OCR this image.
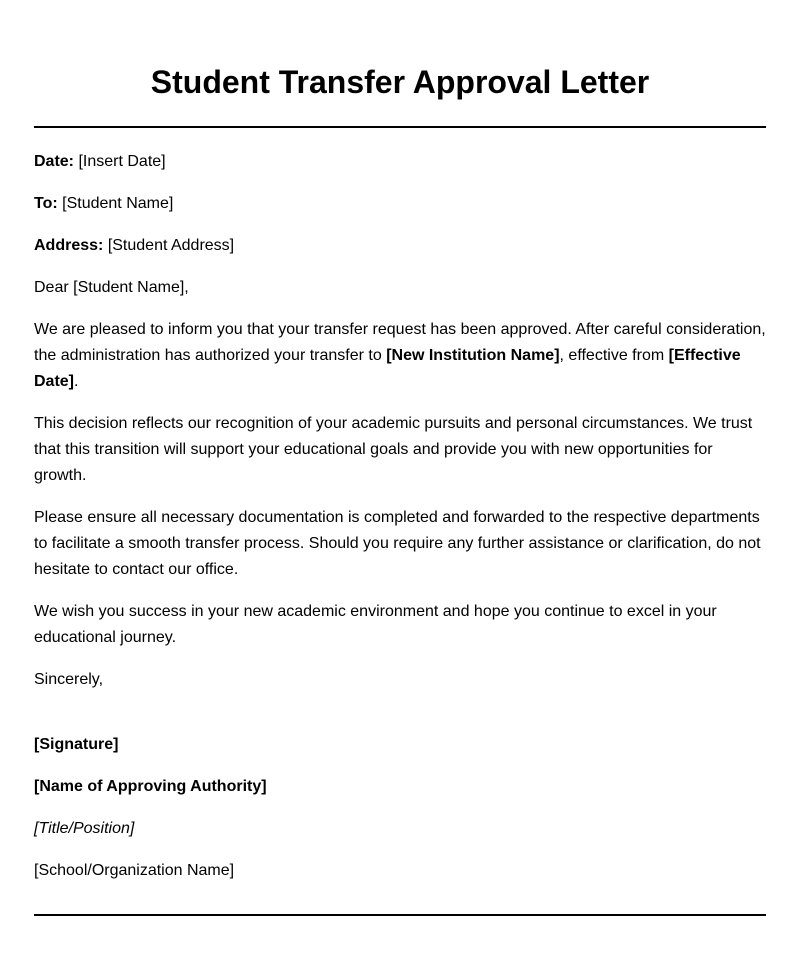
Student Transfer Approval Letter

Date: [Insert Date]

To: [Student Name]

Address: [Student Address]

Dear [Student Name],

We are pleased to inform you that your transfer request has been approved. After careful consideration, the administration has authorized your transfer to [New Institution Name], effective from [Effective Date].

This decision reflects our recognition of your academic pursuits and personal circumstances. We trust that this transition will support your educational goals and provide you with new opportunities for growth.

Please ensure all necessary documentation is completed and forwarded to the respective departments to facilitate a smooth transfer process. Should you require any further assistance or clarification, do not hesitate to contact our office.

We wish you success in your new academic environment and hope you continue to excel in your educational journey.

Sincerely,

[Signature]

[Name of Approving Authority]

[Title/Position]

[School/Organization Name]
